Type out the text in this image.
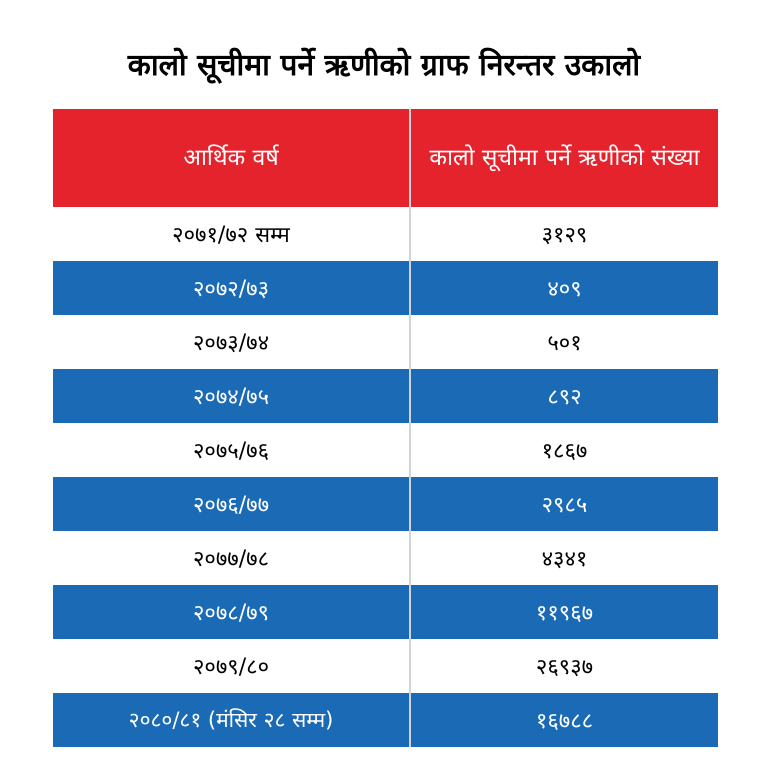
कालो सूचीमा पर्ने ऋणीको ग्राफ निरन्तर उकालो
आर्थिक वर्ष	कालो सूचीमा पर्ने ऋणीको संख्या
२०७१/७२ सम्म	३१२९
२०७२/७३	४०९
२०७३/७४	५०१
२०७४/७५	८९२
२०७५/७६	१८६७
२०७६/७७	२९८५
२०७७/७८	४३४१
२०७८/७९	११९६७
२०७९/८०	२६९३७
२०८०/८१ (मंसिर २८ सम्म)	१६७८८
